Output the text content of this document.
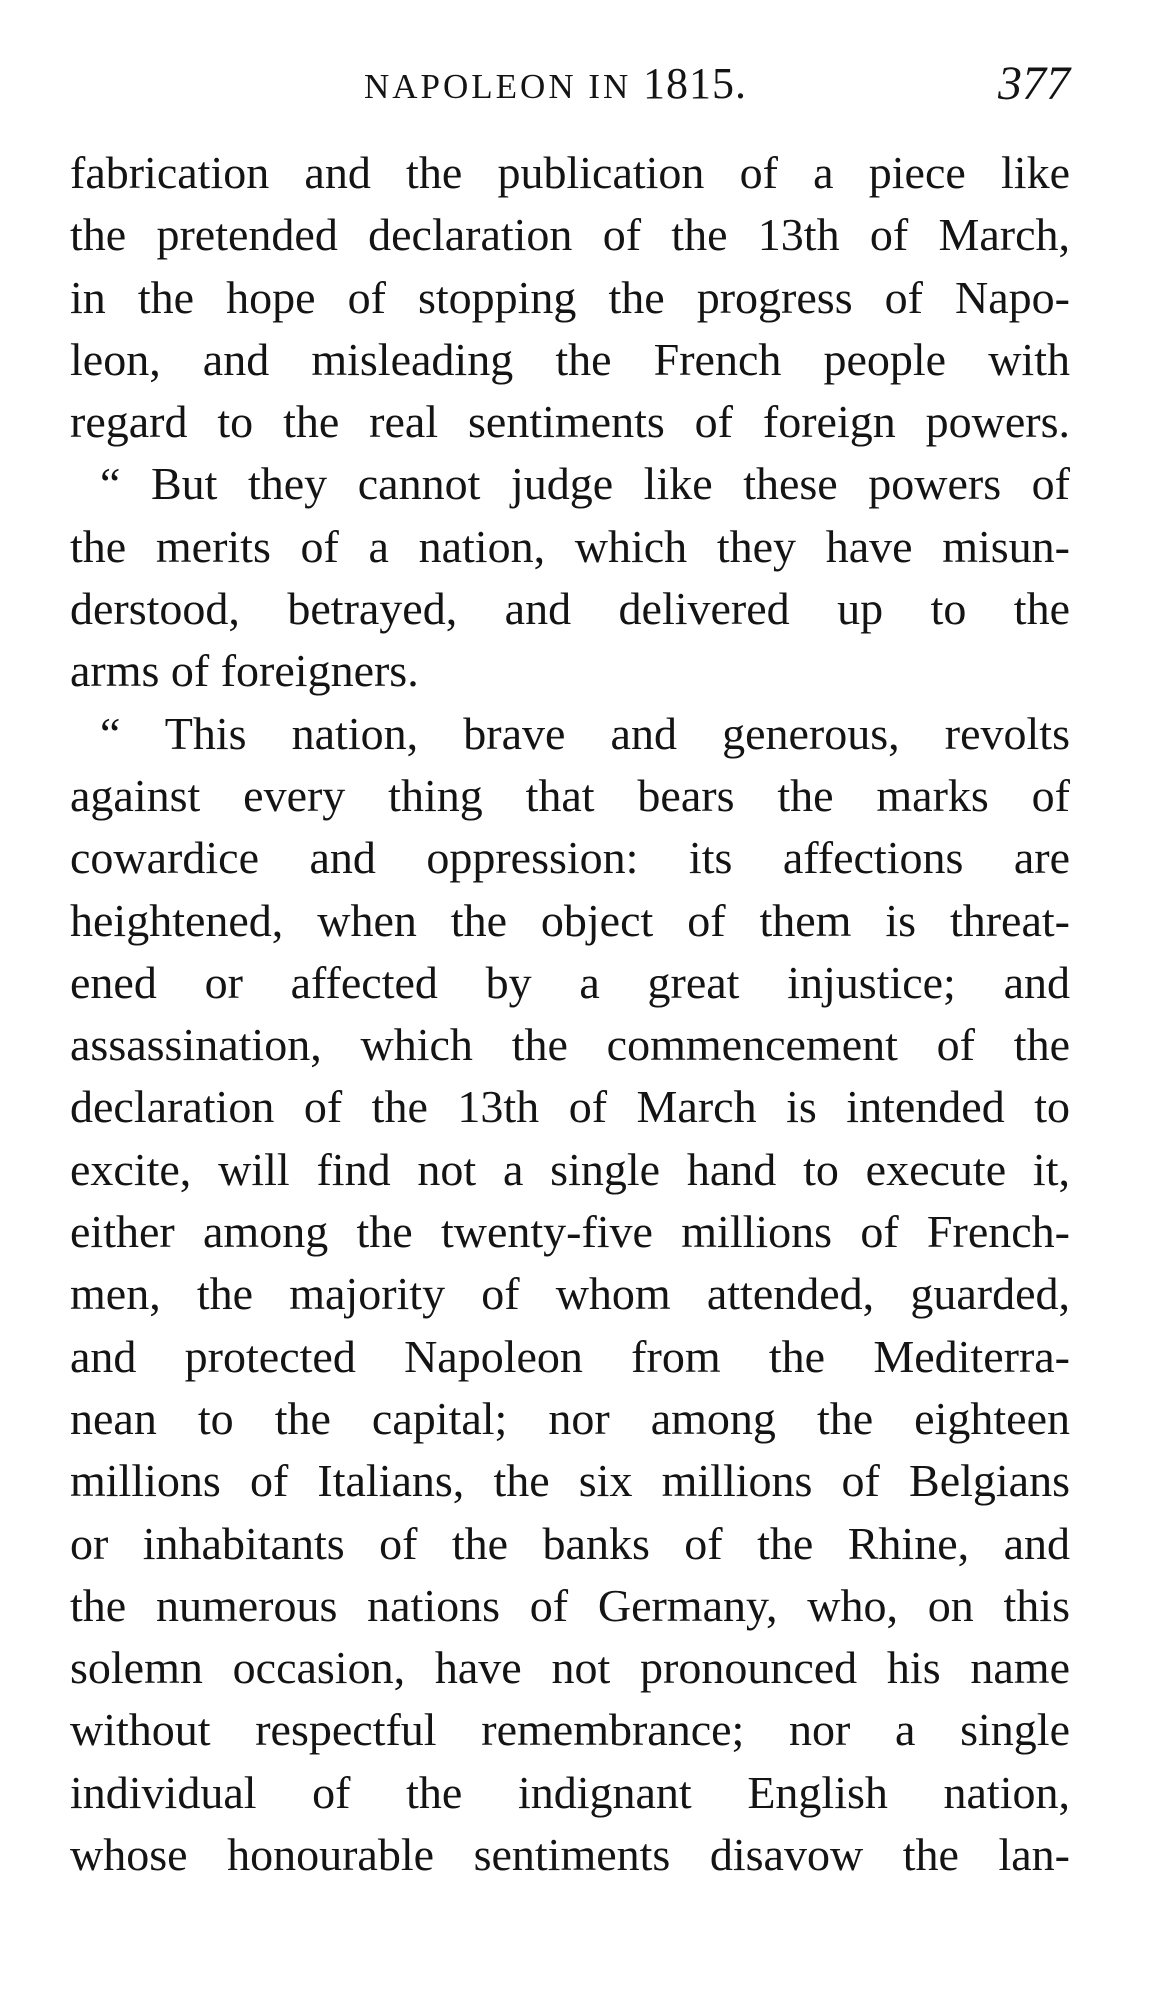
NAPOLEON IN 1815.	377
fabrication and the publication of a piece like
the pretended declaration of the 13th of March,
in the hope of stopping the progress of Napo-
leon, and misleading the French people with
regard to the real sentiments of foreign powers.
“ But they cannot judge like these powers of
the merits of a nation, which they have misun-
derstood, betrayed, and delivered up to the
arms of foreigners.
“ This nation, brave and generous, revolts
against every thing that bears the marks of
cowardice and oppression: its affections are
heightened, when the object of them is threat-
ened or affected by a great injustice; and
assassination, which the commencement of the
declaration of the 13th of March is intended to
excite, will find not a single hand to execute it,
either among the twenty-five millions of French-
men, the majority of whom attended, guarded,
and protected Napoleon from the Mediterra-
nean to the capital; nor among the eighteen
millions of Italians, the six millions of Belgians
or inhabitants of the banks of the Rhine, and
the numerous nations of Germany, who, on this
solemn occasion, have not pronounced his name
without respectful remembrance; nor a single
individual of the indignant English nation,
whose honourable sentiments disavow the lan-
